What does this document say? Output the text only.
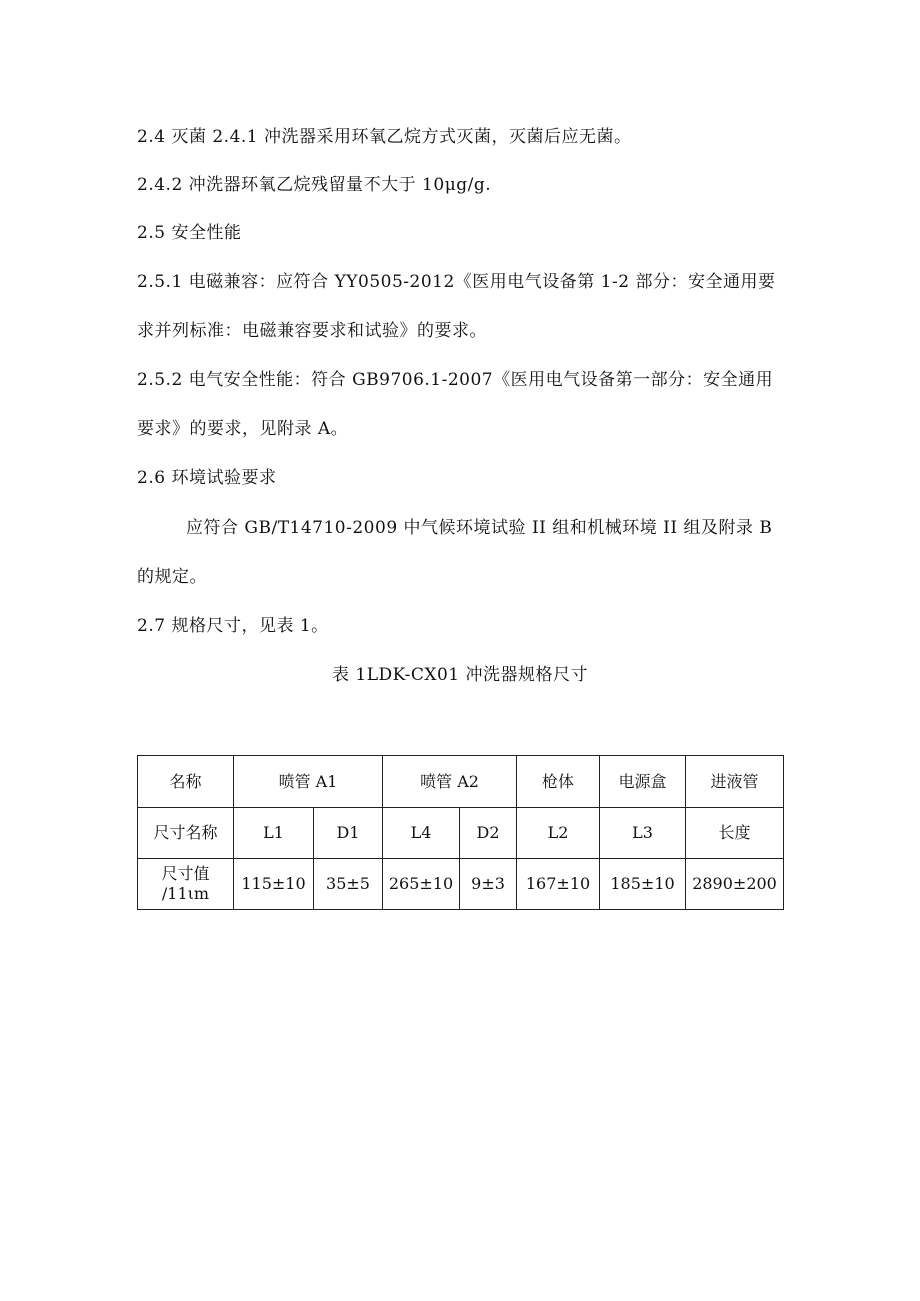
2.4 灭菌 2.4.1 冲洗器采用环氧乙烷方式灭菌，灭菌后应无菌。
2.4.2 冲洗器环氧乙烷残留量不大于 10μg/g.
2.5 安全性能
2.5.1 电磁兼容：应符合 YY0505-2012《医用电气设备第 1-2 部分：安全通用要
求并列标准：电磁兼容要求和试验》的要求。
2.5.2 电气安全性能：符合 GB9706.1-2007《医用电气设备第一部分：安全通用
要求》的要求，见附录 A。
2.6 环境试验要求
应符合 GB/T14710-2009 中气候环境试验 II 组和机械环境 II 组及附录 B
的规定。
2.7 规格尺寸，见表 1。
表 1LDK-CX01 冲洗器规格尺寸
名称	喷管 A1		喷管 A2		枪体	电源盒	进液管
尺寸名称	L1	D1	L4	D2	L2	L3	长度

尺寸值
/11ιm	115±10	35±5	265±10	9±3	167±10	185±10	2890±200
